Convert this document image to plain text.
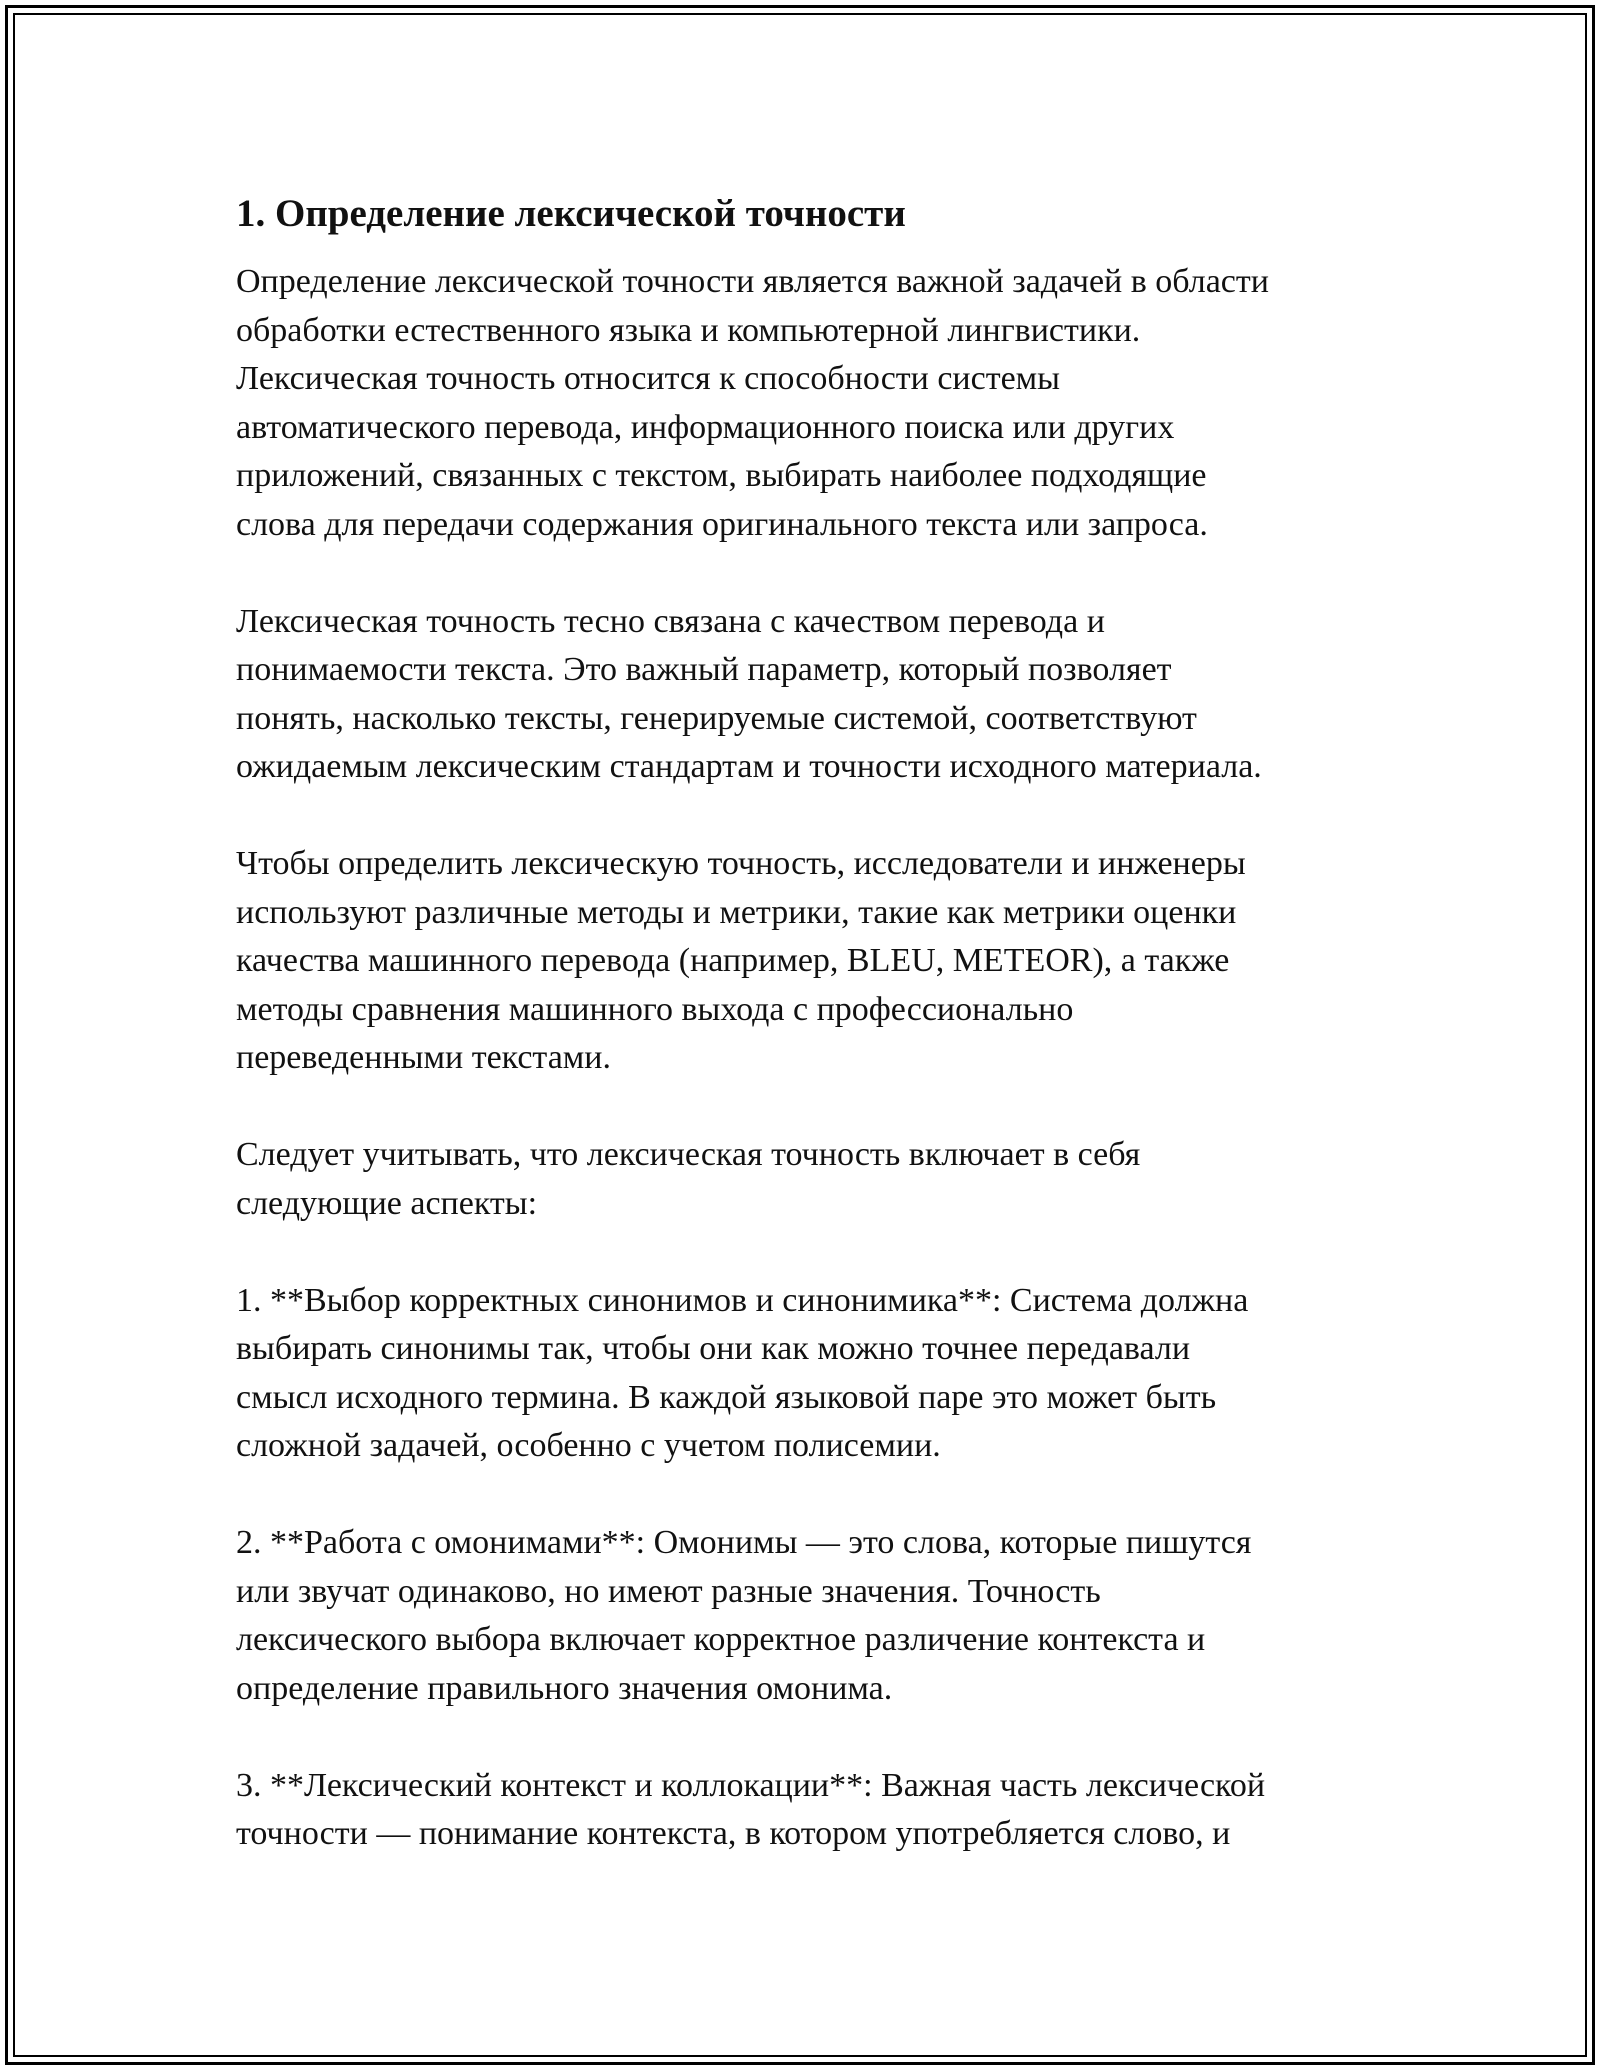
1. Определение лексической точности

Определение лексической точности является важной задачей в области
обработки естественного языка и компьютерной лингвистики.
Лексическая точность относится к способности системы
автоматического перевода, информационного поиска или других
приложений, связанных с текстом, выбирать наиболее подходящие
слова для передачи содержания оригинального текста или запроса.

Лексическая точность тесно связана с качеством перевода и
понимаемости текста. Это важный параметр, который позволяет
понять, насколько тексты, генерируемые системой, соответствуют
ожидаемым лексическим стандартам и точности исходного материала.

Чтобы определить лексическую точность, исследователи и инженеры
используют различные методы и метрики, такие как метрики оценки
качества машинного перевода (например, BLEU, METEOR), а также
методы сравнения машинного выхода с профессионально
переведенными текстами.

Следует учитывать, что лексическая точность включает в себя
следующие аспекты:

1. **Выбор корректных синонимов и синонимика**: Система должна
выбирать синонимы так, чтобы они как можно точнее передавали
смысл исходного термина. В каждой языковой паре это может быть
сложной задачей, особенно с учетом полисемии.

2. **Работа с омонимами**: Омонимы — это слова, которые пишутся
или звучат одинаково, но имеют разные значения. Точность
лексического выбора включает корректное различение контекста и
определение правильного значения омонима.

3. **Лексический контекст и коллокации**: Важная часть лексической
точности — понимание контекста, в котором употребляется слово, и
